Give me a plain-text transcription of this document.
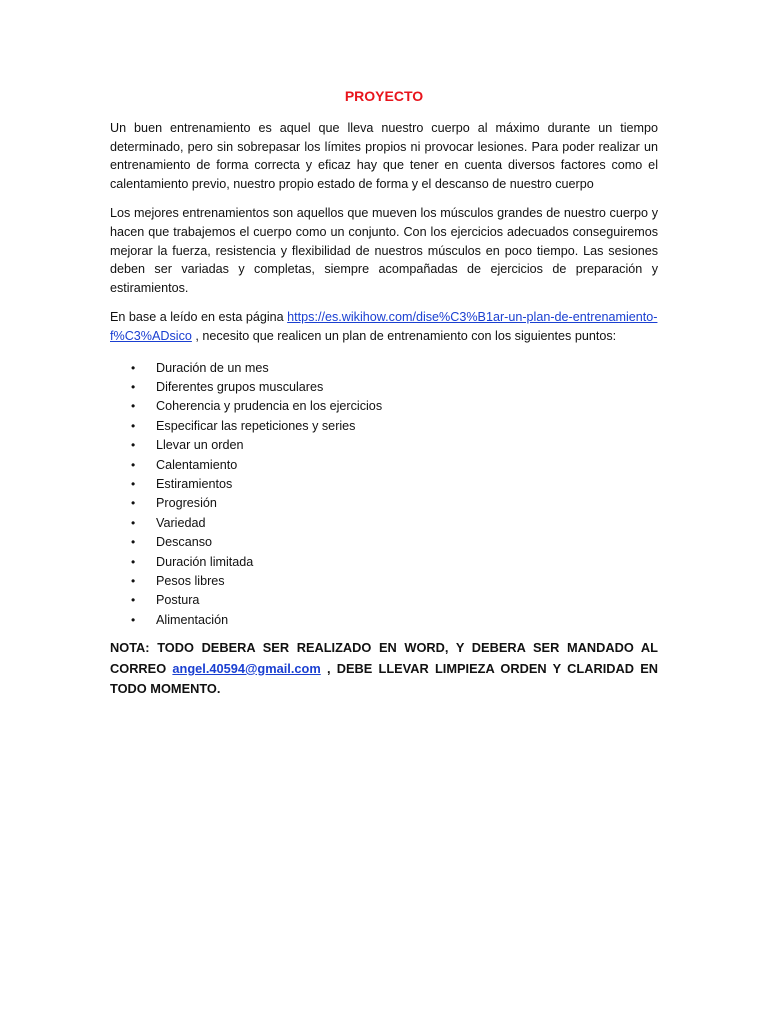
PROYECTO

Un buen entrenamiento es aquel que lleva nuestro cuerpo al máximo durante un tiempo determinado, pero sin sobrepasar los límites propios ni provocar lesiones. Para poder realizar un entrenamiento de forma correcta y eficaz hay que tener en cuenta diversos factores como el calentamiento previo, nuestro propio estado de forma y el descanso de nuestro cuerpo

Los mejores entrenamientos son aquellos que mueven los músculos grandes de nuestro cuerpo y hacen que trabajemos el cuerpo como un conjunto. Con los ejercicios adecuados conseguiremos mejorar la fuerza, resistencia y flexibilidad de nuestros músculos en poco tiempo. Las sesiones deben ser variadas y completas, siempre acompañadas de ejercicios de preparación y estiramientos.

En base a leído en esta página https://es.wikihow.com/dise%C3%B1ar-un-plan-de-entrenamiento-f%C3%ADsico , necesito que realicen un plan de entrenamiento con los siguientes puntos:

• Duración de un mes
• Diferentes grupos musculares
• Coherencia y prudencia en los ejercicios
• Especificar las repeticiones y series
• Llevar un orden
• Calentamiento
• Estiramientos
• Progresión
• Variedad
• Descanso
• Duración limitada
• Pesos libres
• Postura
• Alimentación

NOTA: TODO DEBERA SER REALIZADO EN WORD, Y DEBERA SER MANDADO AL CORREO angel.40594@gmail.com , DEBE LLEVAR LIMPIEZA ORDEN Y CLARIDAD EN TODO MOMENTO.
